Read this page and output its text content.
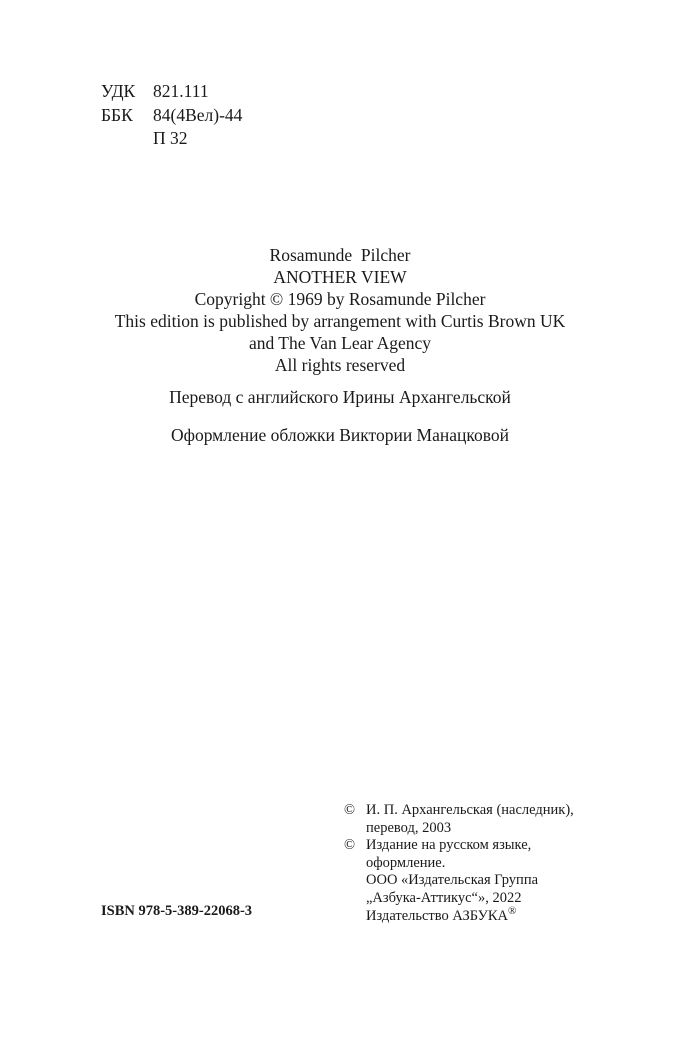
УДК	821.111
ББК	84(4Вел)-44
П 32
Rosamunde  Pilcher
ANOTHER VIEW
Copyright © 1969 by Rosamunde Pilcher
This edition is published by arrangement with Curtis Brown UK
and The Van Lear Agency
All rights reserved
Перевод с английского Ирины Архангельской
Оформление обложки Виктории Манацковой
ISBN 978-5-389-22068-3
© И. П. Архангельская (наследник),
перевод, 2003
© Издание на русском языке,
оформление.
ООО «Издательская Группа
„Азбука-Аттикус“», 2022
Издательство АЗБУКА®
